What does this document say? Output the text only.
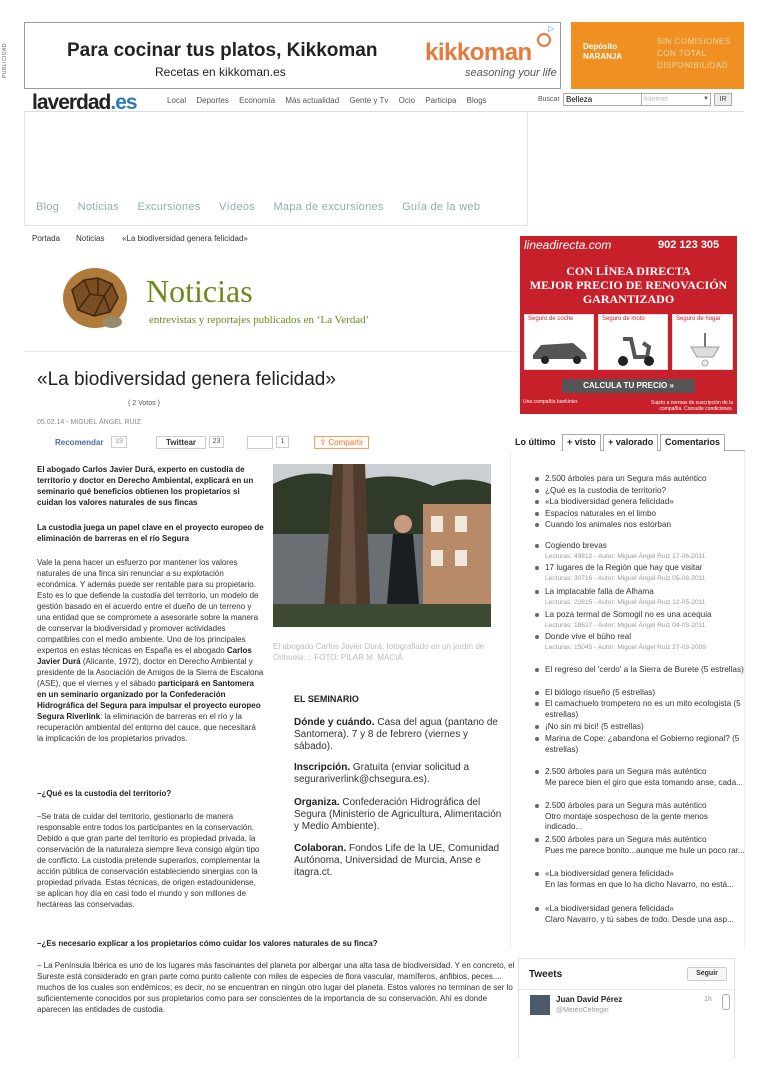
PUBLICIDAD
▷
Para cocinar tus platos, Kikkoman
Recetas en kikkoman.es
kikkoman
seasoning your life
Depósito NARANJA
SIN COMISIONES CON TOTAL DISPONIBILIDAD
laverdad.es	Local Deportes Economía Más actualidad Gente y Tv Ocio Participa Blogs	Buscar
Belleza	Internet	▼	IR
Blog Noticias Excursiones Vídeos Mapa de excursiones Guía de la web
Portada Noticias «La biodiversidad genera felicidad»
Noticias
entrevistas y reportajes publicados en ‘La Verdad’
«La biodiversidad genera felicidad»
( 2 Votos )
05.02.14 - MIGUEL ÁNGEL RUIZ
Recomendar	19	Twittear	23	1	⇪ Compartir
El abogado Carlos Javier Durá, experto en custodia de territorio y doctor en Derecho Ambiental, explicará en un seminario qué beneficios obtienen los propietarios si cuidan los valores naturales de sus fincas
La custodia juega un papel clave en el proyecto europeo de eliminación de barreras en el río Segura
Vale la pena hacer un esfuerzo por mantener los valores naturales de una finca sin renunciar a su explotación económica. Y además puede ser rentable para su propietario. Esto es lo que defiende la custodia del territorio, un modelo de gestión basado en el acuerdo entre el dueño de un terreno y una entidad que se compromete a asesorarle sobre la manera de conservar la biodiversidad y promover actividades compatibles con el medio ambiente. Uno de los principales expertos en estas técnicas en España es el abogado Carlos Javier Durá (Alicante, 1972), doctor en Derecho Ambiental y presidente de la Asociación de Amigos de la Sierra de Escalona (ASE), que el viernes y el sábado participará en Santomera en un seminario organizado por la Confederación Hidrográfica del Segura para impulsar el proyecto europeo Segura Riverlink: la eliminación de barreras en el río y la recuperación ambiental del entorno del cauce, que necesitará la implicación de los propietarios privados.
–¿Qué es la custodia del territorio?
–Se trata de cuidar del territorio, gestionarlo de manera responsable entre todos los participantes en la conservación. Debido a que gran parte del territorio es propiedad privada, la conservación de la naturaleza siempre lleva consigo algún tipo de conflicto. La custodia pretende superarlos, complementar la acción pública de conservación estableciendo sinergias con la propiedad privada. Estas técnicas, de origen estadounidense, se aplican hoy día en casi todo el mundo y son millones de hectáreas las conservadas.
–¿Es necesario explicar a los propietarios cómo cuidar los valores naturales de su finca?
– La Península Ibérica es uno de los lugares más fascinantes del planeta por albergar una alta tasa de biodiversidad. Y en concreto, el Sureste está considerado en gran parte como punto caliente con miles de especies de flora vascular, mamíferos, anfibios, peces.... muchos de los cuales son endémicos; es decir, no se encuentran en ningún otro lugar del planeta. Estos valores no terminan de ser lo suficientemente conocidos por sus propietarios como para ser conscientes de la importancia de su conservación. Ahí es donde aparecen las entidades de custodia.
El abogado Carlos Javier Durá, fotografiado en un jardín de Orihuela. :: FOTO: PILAR M. MACIÁ
EL SEMINARIO
Dónde y cuándo. Casa del agua (pantano de Santomera). 7 y 8 de febrero (viernes y sábado).
Inscripción. Gratuita (enviar solicitud a segurariverlink@chsegura.es).
Organiza. Confederación Hidrográfica del Segura (Ministerio de Agricultura, Alimentación y Medio Ambiente).
Colaboran. Fondos Life de la UE, Comunidad Autónoma, Universidad de Murcia, Anse e itagra.ct.
lineadirecta.com	902 123 305
CON LÍNEA DIRECTA
MEJOR PRECIO DE RENOVACIÓN
GARANTIZADO
Seguro de coche	Seguro de moto	Seguro de hogar
CALCULA TU PRECIO »
Una compañía bankinter.	Sujeto a normas de suscripción de la compañía. Consulte condiciones.
Lo último	+ visto	+ valorado	Comentarios
2.500 árboles para un Segura más auténtico
¿Qué es la custodia de territorio?
«La biodiversidad genera felicidad»
Espacios naturales en el limbo
Cuando los animales nos estorban
Cogiendo brevas
Lecturas: 49812 - Autor: Miguel Ángel Ruiz 17-06-2011
17 lugares de la Región que hay que visitar
Lecturas: 30716 - Autor: Miguel Ángel Ruiz 05-08-2011
La implacable falla de Alhama
Lecturas: 22815 - Autor: Miguel Ángel Ruiz 12-05-2011
La poza termal de Somogil no es una acequia
Lecturas: 18627 - Autor: Miguel Ángel Ruiz 04-03-2011
Donde vive el búho real
Lecturas: 15045 - Autor: Miguel Ángel Ruiz 27-03-2009
El regreso del 'cerdo' a la Sierra de Burete (5 estrellas)
El biólogo risueño (5 estrellas)
El camachuelo trompetero no es un mito ecologista (5 estrellas)
¡No sin mi bici! (5 estrellas)
Marina de Cope: ¿abandona el Gobierno regional? (5 estrellas)
2.500 árboles para un Segura más auténtico
Me parece bien el giro que esta tomando anse, cada...
2.500 árboles para un Segura más auténtico
Otro montaje sospechoso de la gente menos indicado...
2.500 árboles para un Segura más auténtico
Pues me parece bonito...aunque me hule un poco rar...
«La biodiversidad genera felicidad»
En las formas en que lo ha dicho Navarro, no está...
«La biodiversidad genera felicidad»
Claro Navarro, y tú sabes de todo. Desde una asp...
Tweets	Seguir
Juan David Pérez
@MeteoCehegin
1h
